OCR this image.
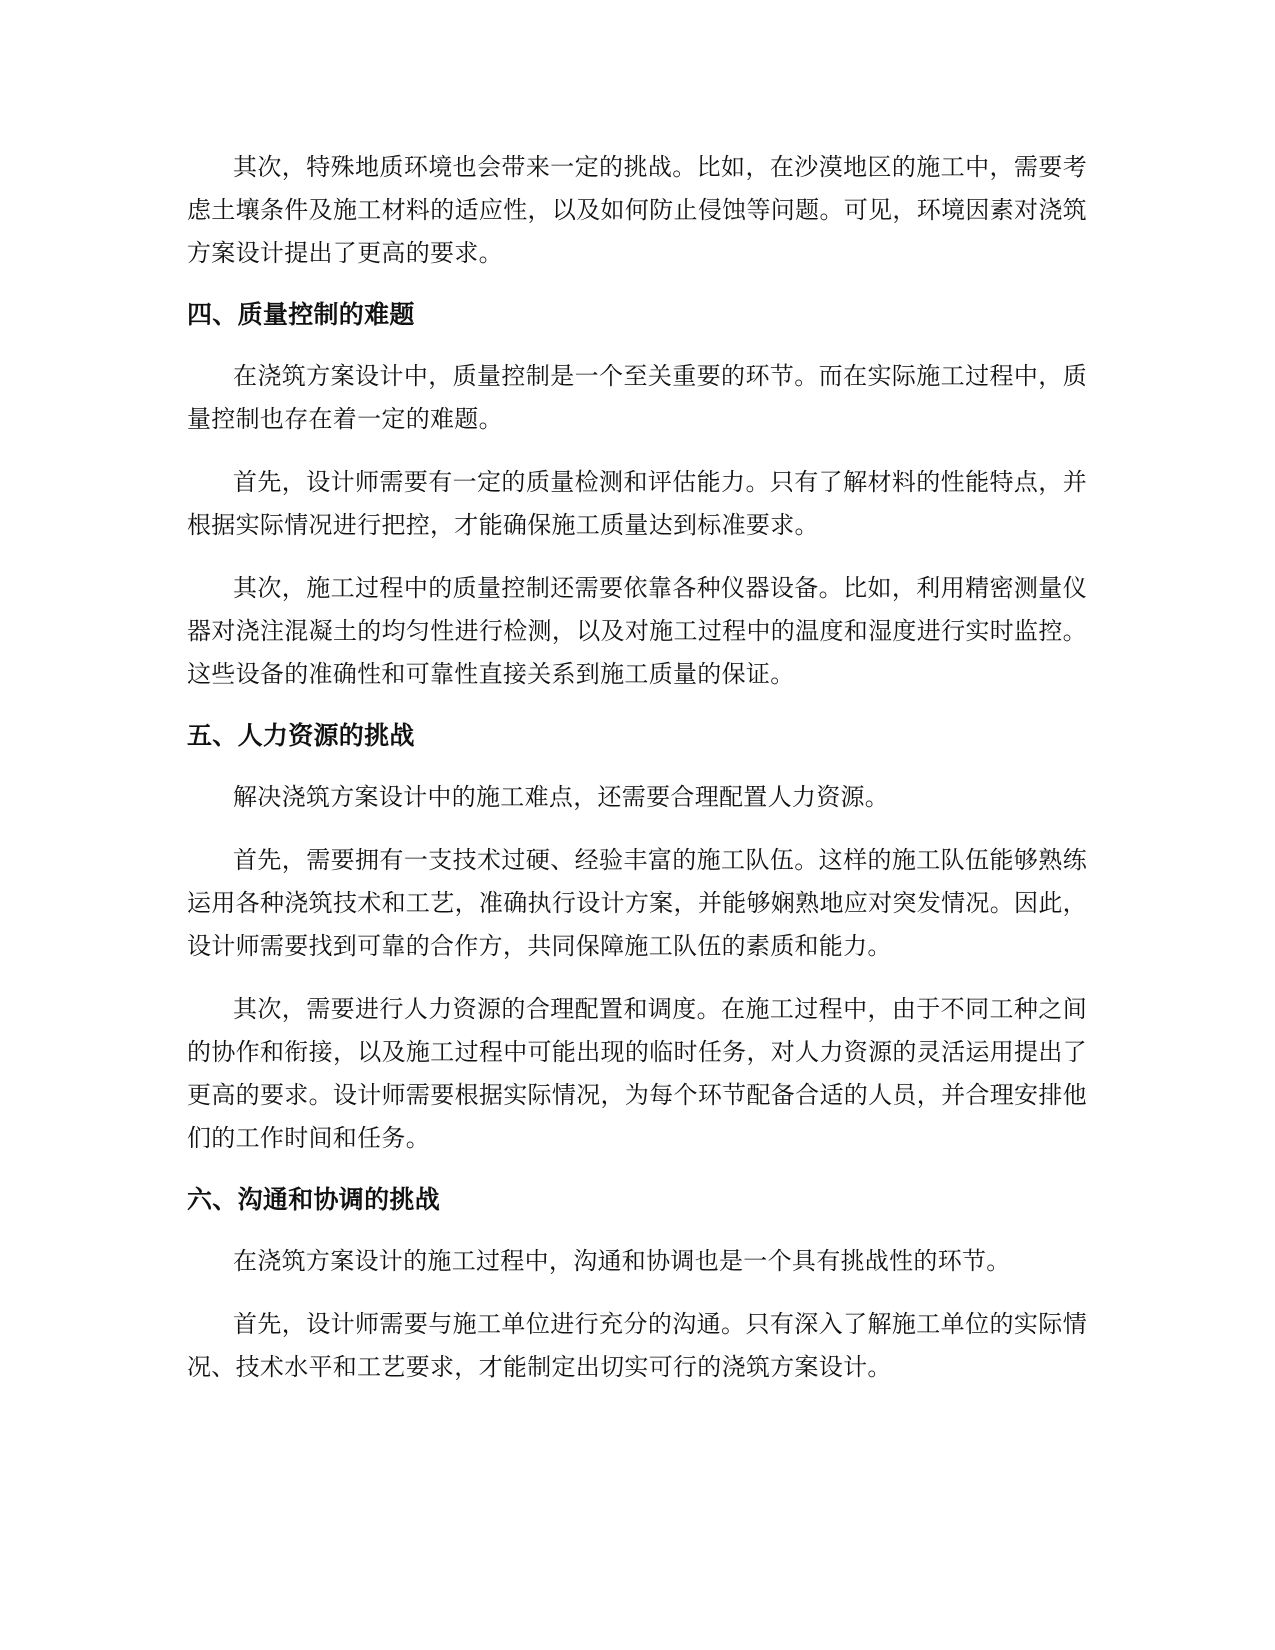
其次，特殊地质环境也会带来一定的挑战。比如，在沙漠地区的施工中，需要考虑土壤条件及施工材料的适应性，以及如何防止侵蚀等问题。可见，环境因素对浇筑方案设计提出了更高的要求。

四、质量控制的难题

在浇筑方案设计中，质量控制是一个至关重要的环节。而在实际施工过程中，质量控制也存在着一定的难题。

首先，设计师需要有一定的质量检测和评估能力。只有了解材料的性能特点，并根据实际情况进行把控，才能确保施工质量达到标准要求。

其次，施工过程中的质量控制还需要依靠各种仪器设备。比如，利用精密测量仪器对浇注混凝土的均匀性进行检测，以及对施工过程中的温度和湿度进行实时监控。这些设备的准确性和可靠性直接关系到施工质量的保证。

五、人力资源的挑战

解决浇筑方案设计中的施工难点，还需要合理配置人力资源。

首先，需要拥有一支技术过硬、经验丰富的施工队伍。这样的施工队伍能够熟练运用各种浇筑技术和工艺，准确执行设计方案，并能够娴熟地应对突发情况。因此，设计师需要找到可靠的合作方，共同保障施工队伍的素质和能力。

其次，需要进行人力资源的合理配置和调度。在施工过程中，由于不同工种之间的协作和衔接，以及施工过程中可能出现的临时任务，对人力资源的灵活运用提出了更高的要求。设计师需要根据实际情况，为每个环节配备合适的人员，并合理安排他们的工作时间和任务。

六、沟通和协调的挑战

在浇筑方案设计的施工过程中，沟通和协调也是一个具有挑战性的环节。

首先，设计师需要与施工单位进行充分的沟通。只有深入了解施工单位的实际情况、技术水平和工艺要求，才能制定出切实可行的浇筑方案设计。
